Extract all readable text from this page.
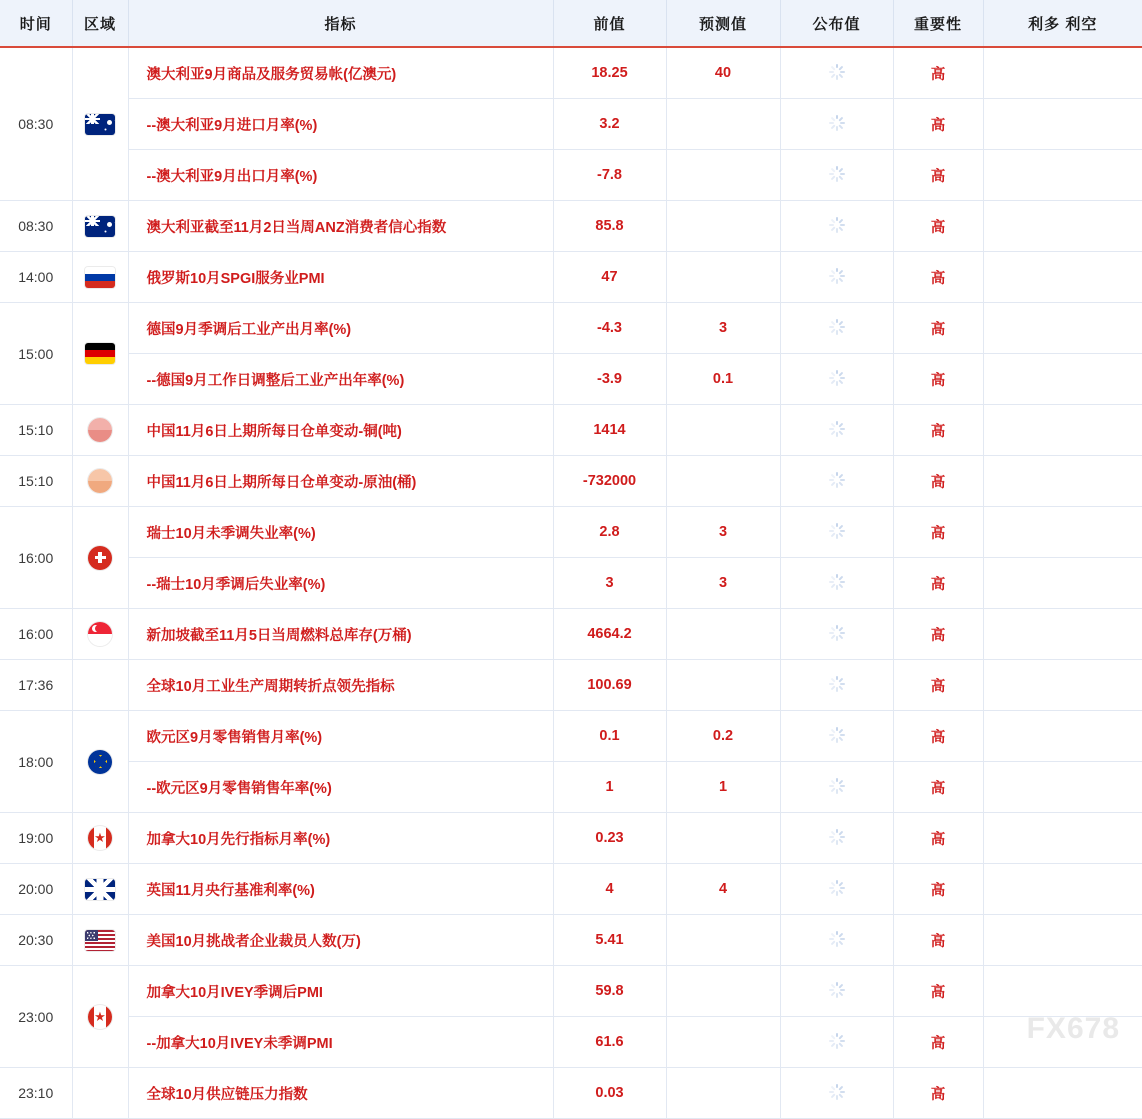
时间	区域	指标	前值	预测值	公布值	重要性	利多 利空
08:30		澳大利亚9月商品及服务贸易帐(亿澳元)	18.25	40		高	
		--澳大利亚9月进口月率(%)	3.2			高	
		--澳大利亚9月出口月率(%)	-7.8			高	
08:30		澳大利亚截至11月2日当周ANZ消费者信心指数	85.8			高	
14:00		俄罗斯10月SPGI服务业PMI	47			高	
15:00		德国9月季调后工业产出月率(%)	-4.3	3		高	
		--德国9月工作日调整后工业产出年率(%)	-3.9	0.1		高	
15:10		中国11月6日上期所每日仓单变动-铜(吨)	1414			高	
15:10		中国11月6日上期所每日仓单变动-原油(桶)	-732000			高	
16:00		瑞士10月未季调失业率(%)	2.8	3		高	
		--瑞士10月季调后失业率(%)	3	3		高	
16:00		新加坡截至11月5日当周燃料总库存(万桶)	4664.2			高	
17:36		全球10月工业生产周期转折点领先指标	100.69			高	
18:00		欧元区9月零售销售月率(%)	0.1	0.2		高	
		--欧元区9月零售销售年率(%)	1	1		高	
19:00	★	加拿大10月先行指标月率(%)	0.23			高	
20:00		英国11月央行基准利率(%)	4	4		高	
20:30		美国10月挑战者企业裁员人数(万)	5.41			高	
23:00	★	加拿大10月IVEY季调后PMI	59.8			高	
		--加拿大10月IVEY未季调PMI	61.6			高	
23:10		全球10月供应链压力指数	0.03			高	
FX678
